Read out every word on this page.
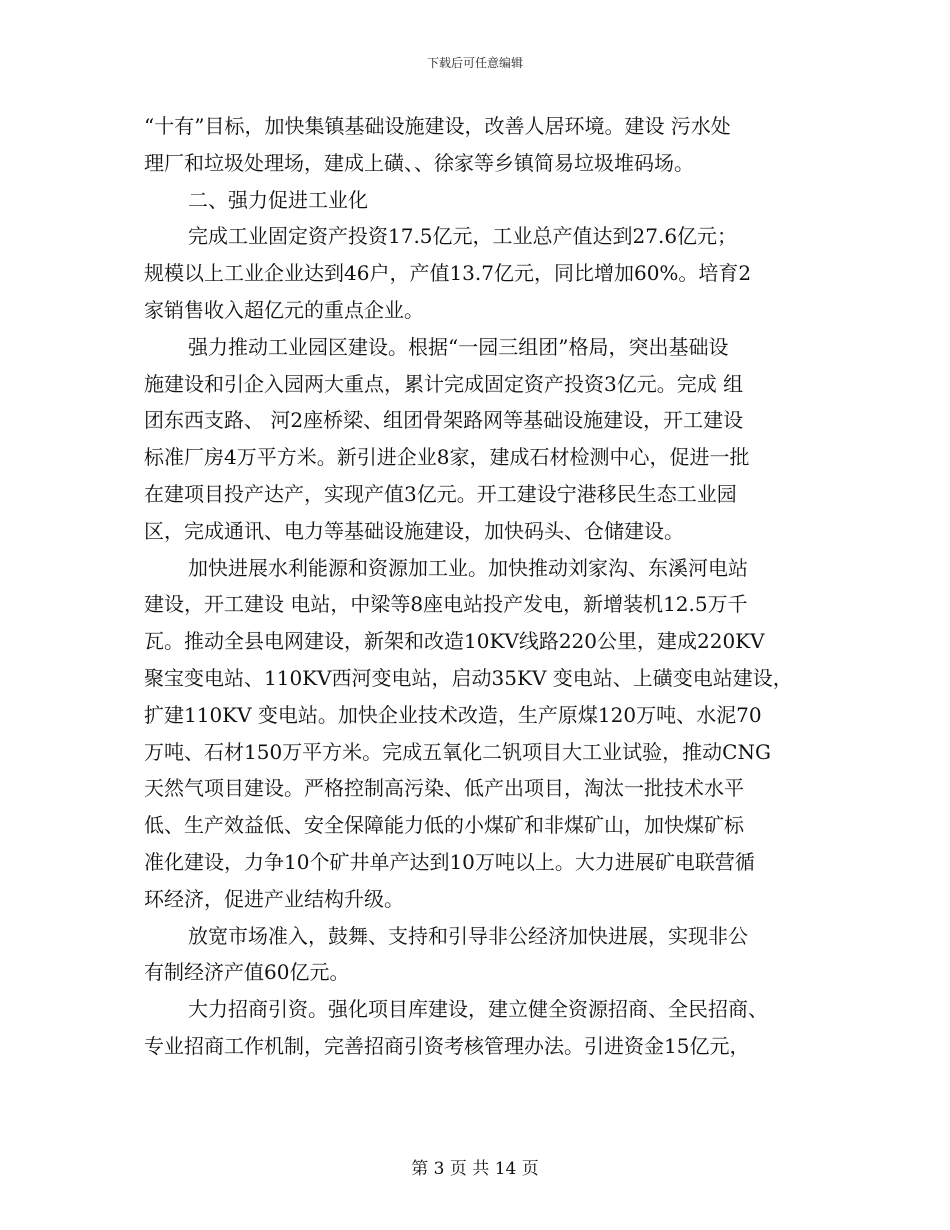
下载后可任意编辑
“十有”目标，加快集镇基础设施建设，改善人居环境。建设 污水处
理厂和垃圾处理场，建成上磺、、徐家等乡镇简易垃圾堆码场。
二、强力促进工业化
完成工业固定资产投资17.5亿元，工业总产值达到27.6亿元；
规模以上工业企业达到46户，产值13.7亿元，同比增加60%。培育2
家销售收入超亿元的重点企业。
强力推动工业园区建设。根据“一园三组团”格局，突出基础设
施建设和引企入园两大重点，累计完成固定资产投资3亿元。完成 组
团东西支路、 河2座桥梁、组团骨架路网等基础设施建设，开工建设
标准厂房4万平方米。新引进企业8家，建成石材检测中心，促进一批
在建项目投产达产，实现产值3亿元。开工建设宁港移民生态工业园
区，完成通讯、电力等基础设施建设，加快码头、仓储建设。
加快进展水利能源和资源加工业。加快推动刘家沟、东溪河电站
建设，开工建设 电站，中梁等8座电站投产发电，新增装机12.5万千
瓦。推动全县电网建设，新架和改造10KV线路220公里，建成220KV
聚宝变电站、110KV西河变电站，启动35KV 变电站、上磺变电站建设，
扩建110KV 变电站。加快企业技术改造，生产原煤120万吨、水泥70
万吨、石材150万平方米。完成五氧化二钒项目大工业试验，推动CNG
天然气项目建设。严格控制高污染、低产出项目，淘汰一批技术水平
低、生产效益低、安全保障能力低的小煤矿和非煤矿山，加快煤矿标
准化建设，力争10个矿井单产达到10万吨以上。大力进展矿电联营循
环经济，促进产业结构升级。
放宽市场准入，鼓舞、支持和引导非公经济加快进展，实现非公
有制经济产值60亿元。
大力招商引资。强化项目库建设，建立健全资源招商、全民招商、
专业招商工作机制，完善招商引资考核管理办法。引进资金15亿元，
第 3 页 共 14 页
